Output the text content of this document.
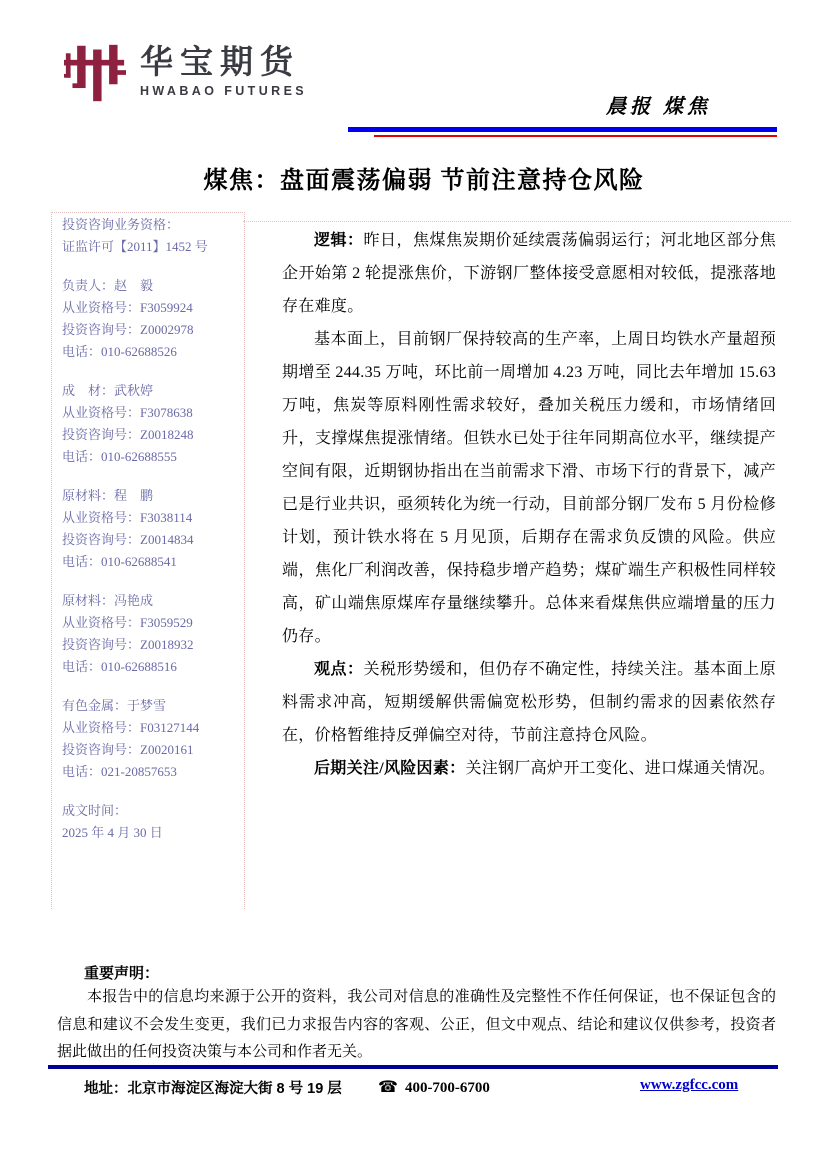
华宝期货
HWABAO FUTURES
晨报 煤焦
煤焦：盘面震荡偏弱 节前注意持仓风险
投资咨询业务资格：
证监许可【2011】1452 号
负责人：赵　毅
从业资格号：F3059924
投资咨询号：Z0002978
电话：010-62688526
成　材：武秋婷
从业资格号：F3078638
投资咨询号：Z0018248
电话：010-62688555
原材料：程　鹏
从业资格号：F3038114
投资咨询号：Z0014834
电话：010-62688541
原材料：冯艳成
从业资格号：F3059529
投资咨询号：Z0018932
电话：010-62688516
有色金属：于梦雪
从业资格号：F03127144
投资咨询号：Z0020161
电话：021-20857653
成文时间：
2025 年 4 月 30 日

逻辑：昨日，焦煤焦炭期价延续震荡偏弱运行；河北地区部分焦企开始第 2 轮提涨焦价，下游钢厂整体接受意愿相对较低，提涨落地存在难度。

基本面上，目前钢厂保持较高的生产率，上周日均铁水产量超预期增至 244.35 万吨，环比前一周增加 4.23 万吨，同比去年增加 15.63 万吨，焦炭等原料刚性需求较好，叠加关税压力缓和，市场情绪回升，支撑煤焦提涨情绪。但铁水已处于往年同期高位水平，继续提产空间有限，近期钢协指出在当前需求下滑、市场下行的背景下，减产已是行业共识，亟须转化为统一行动，目前部分钢厂发布 5 月份检修计划，预计铁水将在 5 月见顶，后期存在需求负反馈的风险。供应端，焦化厂利润改善，保持稳步增产趋势；煤矿端生产积极性同样较高，矿山端焦原煤库存量继续攀升。总体来看煤焦供应端增量的压力仍存。

观点：关税形势缓和，但仍存不确定性，持续关注。基本面上原料需求冲高，短期缓解供需偏宽松形势，但制约需求的因素依然存在，价格暂维持反弹偏空对待，节前注意持仓风险。

后期关注/风险因素：关注钢厂高炉开工变化、进口煤通关情况。

重要声明：

本报告中的信息均来源于公开的资料，我公司对信息的准确性及完整性不作任何保证，也不保证包含的信息和建议不会发生变更，我们已力求报告内容的客观、公正，但文中观点、结论和建议仅供参考，投资者据此做出的任何投资决策与本公司和作者无关。

地址：北京市海淀区海淀大街 8 号 19 层 ☎ 400-700-6700	www.zgfcc.com
